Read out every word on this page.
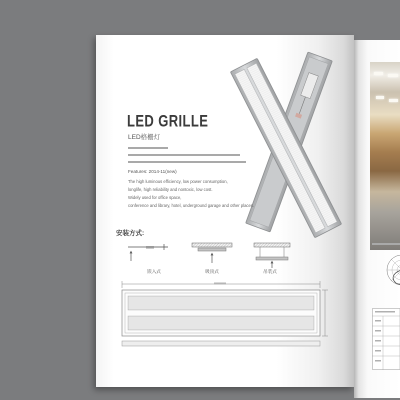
LED GRILLE
LED格栅灯
Features: 2014-11(new)
The high luminous efficiency, low power consumption,
longlife, high reliability and nontoxic, low cost.
Widely used for office space,
conference and library, hotel, underground garage and other places.
安装方式:
嵌入式	吸顶式	吊装式
